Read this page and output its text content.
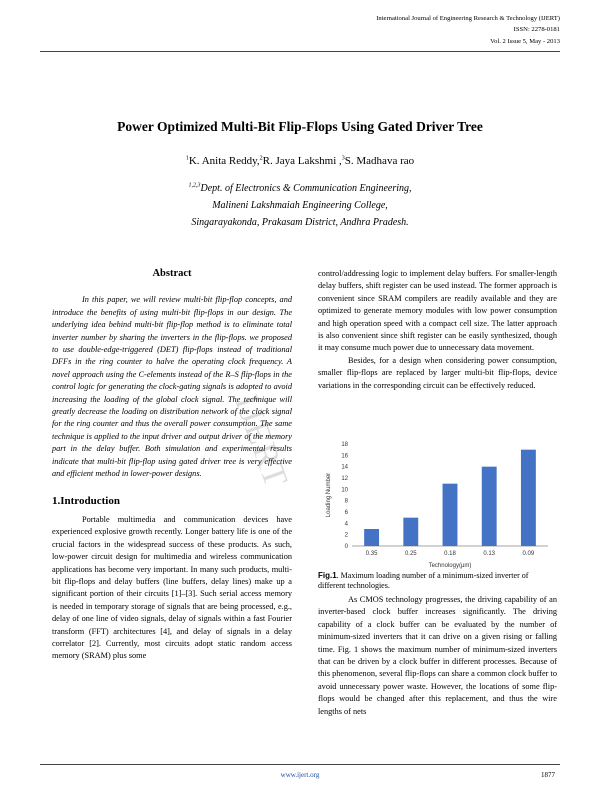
International Journal of Engineering Research & Technology (IJERT)
ISSN: 2278-0181
Vol. 2 Issue 5, May - 2013
Power Optimized Multi-Bit Flip-Flops Using Gated Driver Tree
$^1$K. Anita Reddy,$^2$R. Jaya Lakshmi ,$^3$S. Madhava rao
$^{1,2,3}$Dept. of Electronics & Communication Engineering,
Malineni Lakshmaiah Engineering College,
Singarayakonda, Prakasam District, Andhra Pradesh.
IJERT
Abstract

In this paper, we will review multi-bit flip-flop concepts, and introduce the benefits of using multi-bit flip-flops in our design. The underlying idea behind multi-bit flip-flop method is to eliminate total inverter number by sharing the inverters in the flip-flops. we proposed to use double-edge-triggered (DET) flip-flops instead of traditional DFFs in the ring counter to halve the operating clock frequency. A novel approach using the C-elements instead of the R–S flip-flops in the control logic for generating the clock-gating signals is adopted to avoid increasing the loading of the global clock signal. The technique will greatly decrease the loading on distribution network of the clock signal for the ring counter and thus the overall power consumption. The same technique is applied to the input driver and output driver of the memory part in the delay buffer. Both simulation and experimental results indicate that multi-bit flip-flop using gated driver tree is very effective and efficient method in lower-power designs.

1.Introduction

Portable multimedia and communication devices have experienced explosive growth recently. Longer battery life is one of the crucial factors in the widespread success of these products. As such, low-power circuit design for multimedia and wireless communication applications has become very important. In many such products, multi-bit flip-flops and delay buffers (line buffers, delay lines) make up a significant portion of their circuits [1]–[3]. Such serial access memory is needed in temporary storage of signals that are being processed, e.g., delay of one line of video signals, delay of signals within a fast Fourier transform (FFT) architectures [4], and delay of signals in a delay correlator [2]. Currently, most circuits adopt static random access memory (SRAM) plus some

control/addressing logic to implement delay buffers. For smaller-length delay buffers, shift register can be used instead. The former approach is convenient since SRAM compilers are readily available and they are optimized to generate memory modules with low power consumption and high operation speed with a compact cell size. The latter approach is also convenient since shift register can be easily synthesized, though it may consume much power due to unnecessary data movement.

Besides, for a design when considering power consumption, smaller flip-flops are replaced by larger multi-bit flip-flops, device variations in the corresponding circuit can be effectively reduced.

0
2
4
6
8
10
12
14
16
18
0.35	0.25	0.18	0.13	0.09
Loading Number
Technology(μm)
Fig.1. Maximum loading number of a minimum-sized inverter of different technologies.

As CMOS technology progresses, the driving capability of an inverter-based clock buffer increases significantly. The driving capability of a clock buffer can be evaluated by the number of minimum-sized inverters that it can drive on a given rising or falling time. Fig. 1 shows the maximum number of minimum-sized inverters that can be driven by a clock buffer in different processes. Because of this phenomenon, several flip-flops can share a common clock buffer to avoid unnecessary power waste. However, the locations of some flip-flops would be changed after this replacement, and thus the wire lengths of nets

www.ijert.org	1877
